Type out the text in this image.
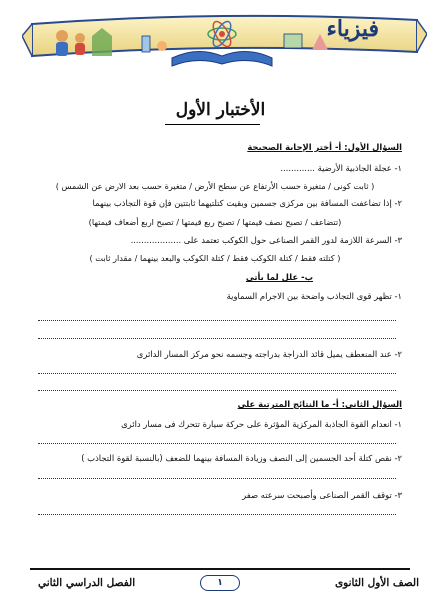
فيزياء
الأختبار الأول
السؤال الأول: أ- أختر الإجابة الصحيحة
١- عجلة الجاذبية الأرضية .............
( ثابت كونى / متغيرة حسب الأرتفاع عن سطح الأرض / متغيرة حسب بعد الارض عن الشمس )
٢- إذا تضاعفت المسافة بين مركزى جسمين وبقيت كتلتيهما ثابتتين فإن قوة التجاذب بينهما
(تتضاعف / تصبح نصف قيمتها / تصبح ربع قيمتها / تصبح اربع أضعاف قيمتها)
٣- السرعة اللازمة لدور القمر الصناعى حول الكوكب تعتمد على ...................
( كتلته فقط / كتلة الكوكب فقط / كتلة الكوكب والبعد بينهما / مقدار ثابت )
ب- علل لما يأتى
١- تظهر قوى التجاذب واضحة بين الاجرام السماوية
٢- عند المنعطف يميل قائد الدراجة بدراجته وجسمه نحو مركز المسار الدائرى
السؤال الثانى: أ- ما النتائج المترتبة على
١- انعدام القوة الجاذبة المركزية المؤثرة على حركة سيارة تتحرك فى مسار دائرى
٢- نقص كتلة أحد الجسمين إلى النصف وزيادة المسافة بينهما للضعف (بالنسبة لقوة التجاذب )
٣- توقف القمر الصناعى وأصبحت سرعته صفر
الفصل الدراسي الثاني	١	الصف الأول الثانوى
